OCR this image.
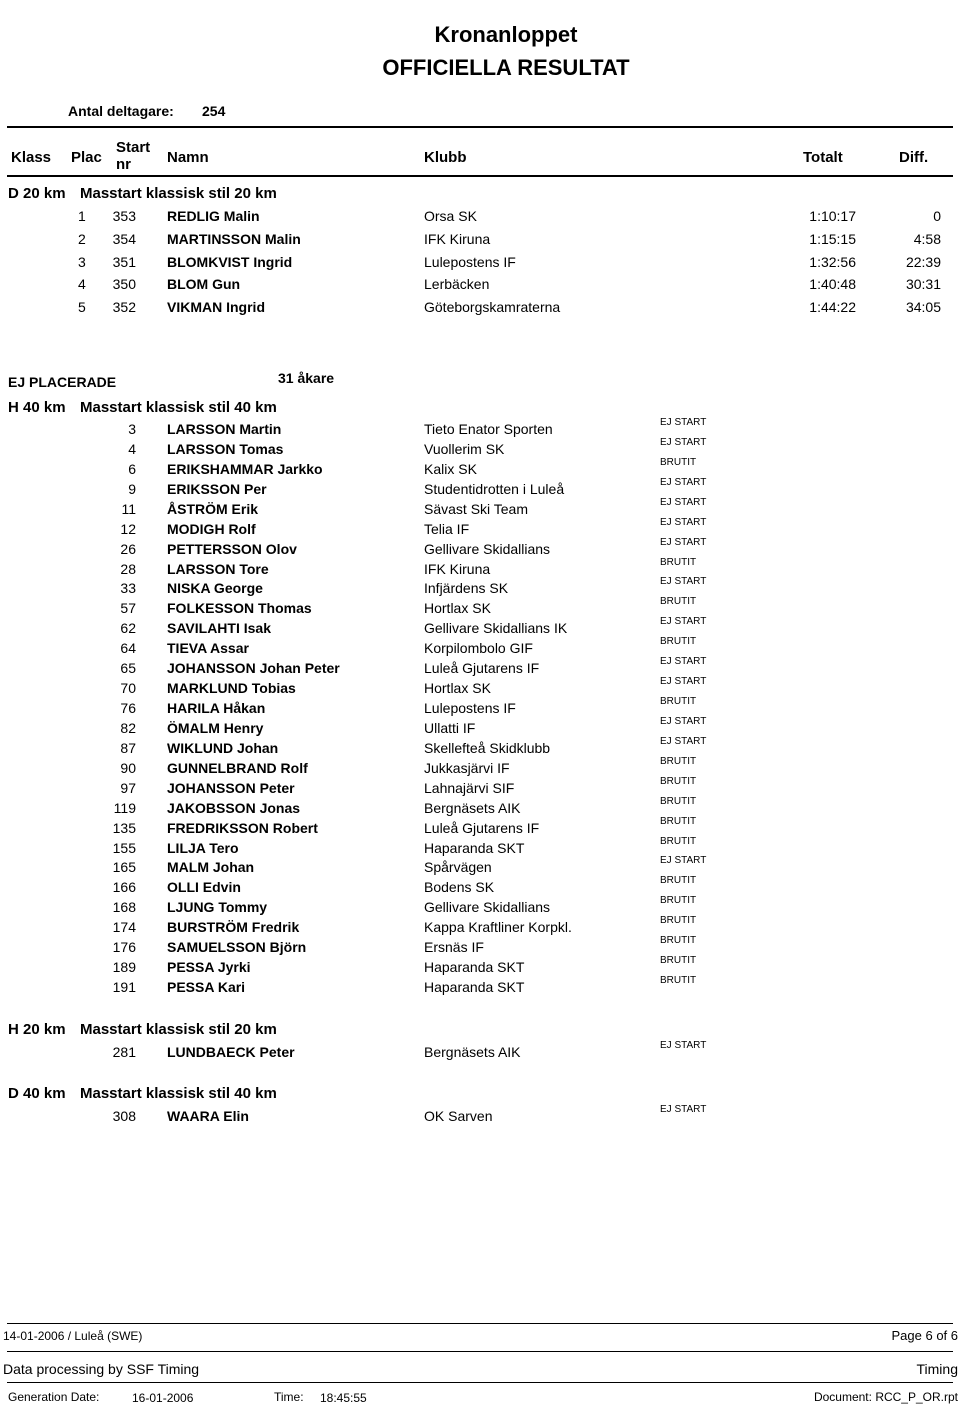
Kronanloppet
OFFICIELLA RESULTAT
Antal deltagare: 254
Klass Plac
Start
nr Namn	Klubb	Totalt	Diff.
D 20 km Masstart klassisk stil 20 km
1	353 REDLIG Malin	Orsa SK	1:10:17	0
2	354 MARTINSSON Malin	IFK Kiruna	1:15:15	4:58
3	351 BLOMKVIST Ingrid	Lulepostens IF	1:32:56	22:39
4	350 BLOM Gun	Lerbäcken	1:40:48	30:31
5	352 VIKMAN Ingrid	Göteborgskamraterna	1:44:22	34:05
EJ PLACERADE	31 åkare
H 40 km Masstart klassisk stil 40 km
3 LARSSON Martin	Tieto Enator Sporten	EJ START
4 LARSSON Tomas	Vuollerim SK	EJ START
6 ERIKSHAMMAR Jarkko	Kalix SK	BRUTIT
9 ERIKSSON Per	Studentidrotten i Luleå	EJ START
11 ÅSTRÖM Erik	Sävast Ski Team	EJ START
12 MODIGH Rolf	Telia IF	EJ START
26 PETTERSSON Olov	Gellivare Skidallians	EJ START
28 LARSSON Tore	IFK Kiruna	BRUTIT
33 NISKA George	Infjärdens SK	EJ START
57 FOLKESSON Thomas	Hortlax SK	BRUTIT
62 SAVILAHTI Isak	Gellivare Skidallians IK	EJ START
64 TIEVA Assar	Korpilombolo GIF	BRUTIT
65 JOHANSSON Johan Peter	Luleå Gjutarens IF	EJ START
70 MARKLUND Tobias	Hortlax SK	EJ START
76 HARILA Håkan	Lulepostens IF	BRUTIT
82 ÖMALM Henry	Ullatti IF	EJ START
87 WIKLUND Johan	Skellefteå Skidklubb	EJ START
90 GUNNELBRAND Rolf	Jukkasjärvi IF	BRUTIT
97 JOHANSSON Peter	Lahnajärvi SIF	BRUTIT
119 JAKOBSSON Jonas	Bergnäsets AIK	BRUTIT
135 FREDRIKSSON Robert	Luleå Gjutarens IF	BRUTIT
155 LILJA Tero	Haparanda SKT	BRUTIT
165 MALM Johan	Spårvägen	EJ START
166 OLLI Edvin	Bodens SK	BRUTIT
168 LJUNG Tommy	Gellivare Skidallians	BRUTIT
174 BURSTRÖM Fredrik	Kappa Kraftliner Korpkl.	BRUTIT
176 SAMUELSSON Björn	Ersnäs IF	BRUTIT
189 PESSA Jyrki	Haparanda SKT	BRUTIT
191 PESSA Kari	Haparanda SKT	BRUTIT
H 20 km Masstart klassisk stil 20 km
281 LUNDBAECK Peter	Bergnäsets AIK	EJ START
D 40 km Masstart klassisk stil 40 km
308 WAARA Elin	OK Sarven	EJ START
14-01-2006 / Luleå (SWE)	Page 6 of 6
Data processing by SSF Timing	Timing
Generation Date:	16-01-2006	Time: 18:45:55	Document: RCC_P_OR.rpt
